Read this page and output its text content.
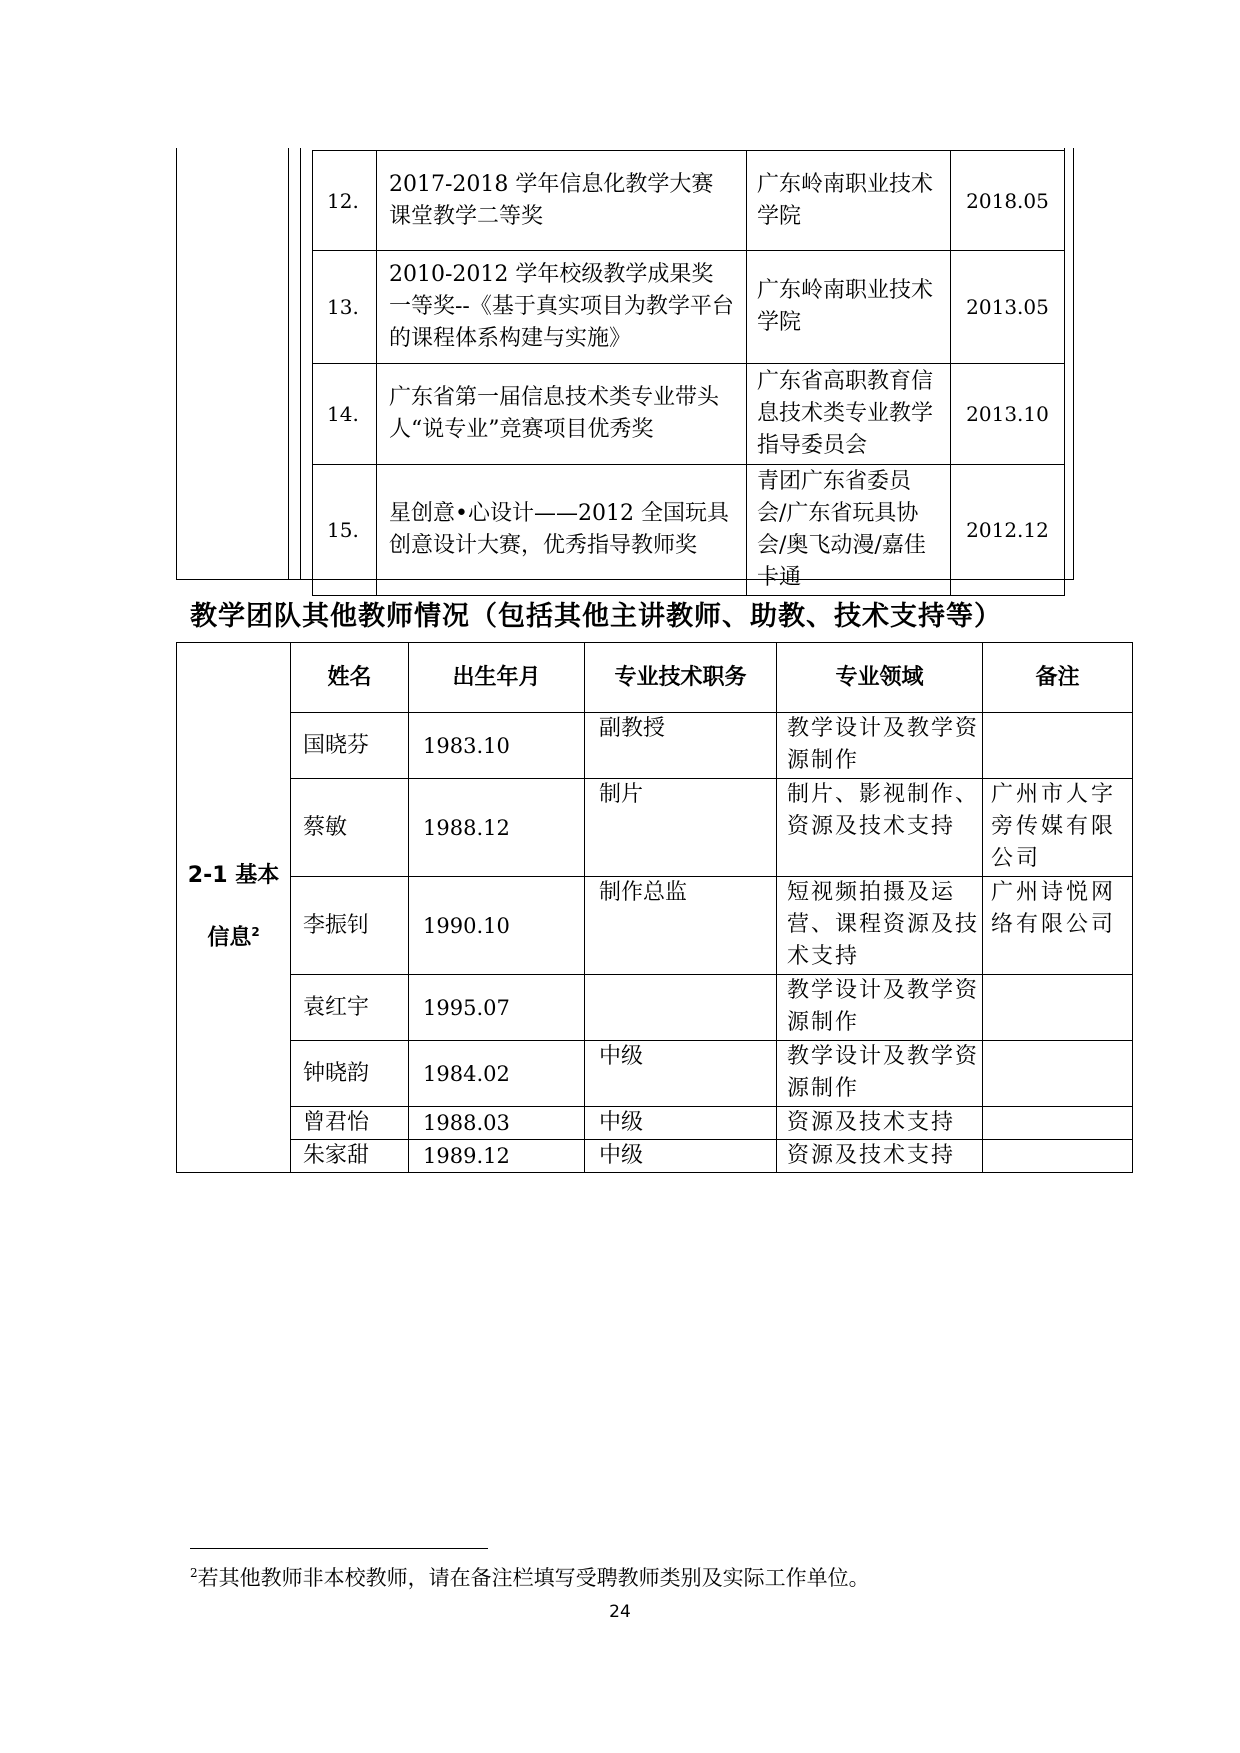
12.	2017-2018 学年信息化教学大赛课堂教学二等奖	广东岭南职业技术学院	2018.05
13.	2010-2012 学年校级教学成果奖一等奖--《基于真实项目为教学平台的课程体系构建与实施》	广东岭南职业技术学院	2013.05
14.	广东省第一届信息技术类专业带头人“说专业”竞赛项目优秀奖	广东省高职教育信息技术类专业教学指导委员会	2013.10
15.	星创意•心设计——2012 全国玩具创意设计大赛，优秀指导教师奖	青团广东省委员会/广东省玩具协会/奥飞动漫/嘉佳卡通	2012.12
教学团队其他教师情况（包括其他主讲教师、助教、技术支持等）
2-1 基本
信息$^2$	姓名	出生年月	专业技术职务	专业领域	备注
	国晓芬	1983.10	副教授	教学设计及教学资源制作	
	蔡敏	1988.12	制片	制片、影视制作、资源及技术支持	广州市人字旁传媒有限公司
	李振钊	1990.10	制作总监	短视频拍摄及运营、课程资源及技术支持	广州诗悦网络有限公司
	袁红宇	1995.07		教学设计及教学资源制作	
	钟晓韵	1984.02	中级	教学设计及教学资源制作	
	曾君怡	1988.03	中级	资源及技术支持	
	朱家甜	1989.12	中级	资源及技术支持	
$^2$若其他教师非本校教师，请在备注栏填写受聘教师类别及实际工作单位。
24
